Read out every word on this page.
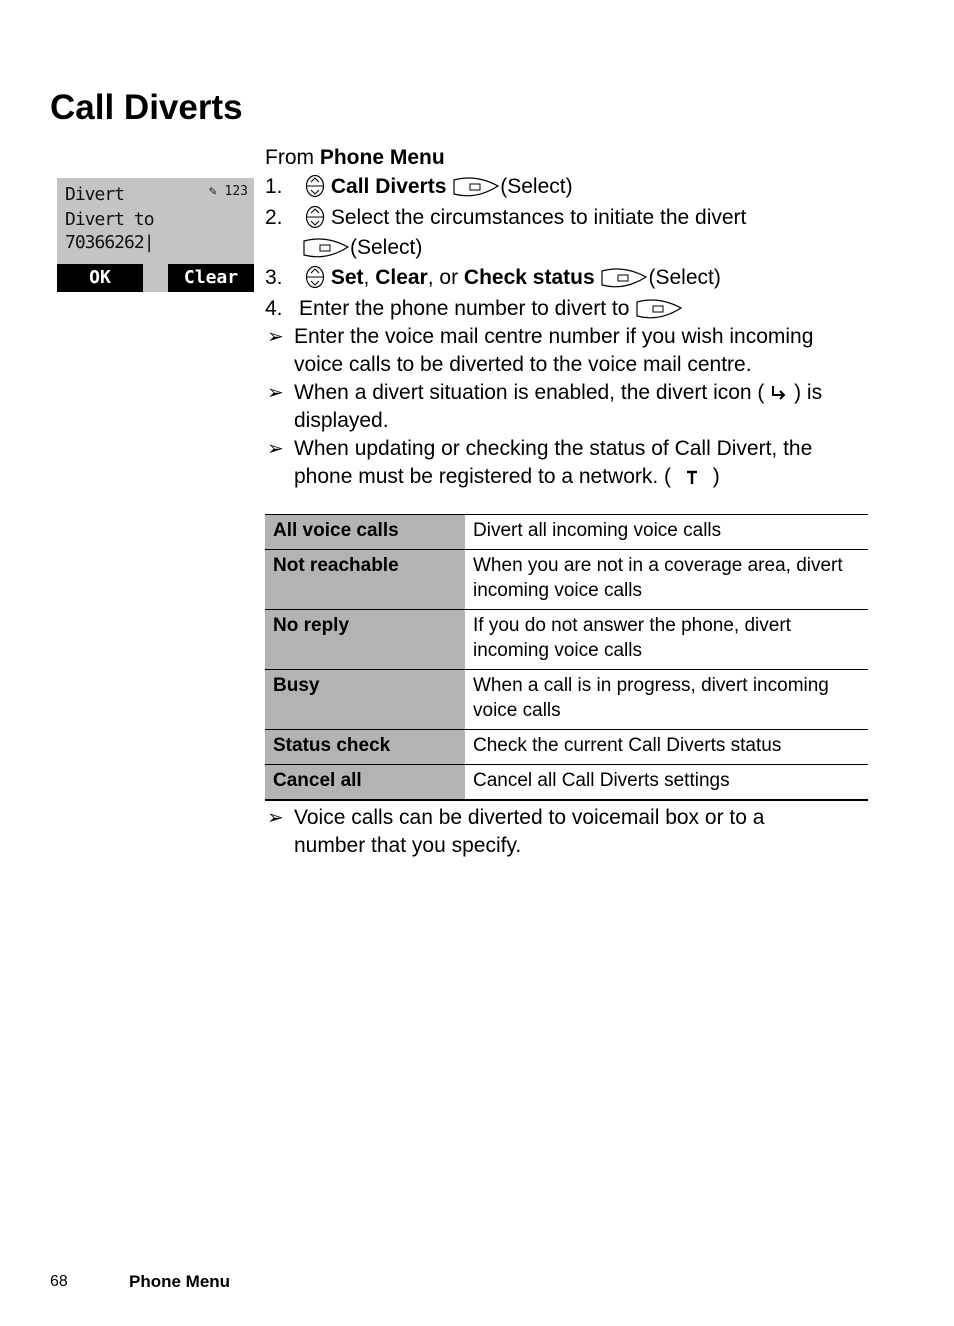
Call Diverts
Divert	✎ 123
Divert to
70366262|
OK	Clear
From Phone Menu
1. Call Diverts	(Select)
2. Select the circumstances to initiate the divert
(Select)
3. Set, Clear, or Check status	(Select)
4. Enter the phone number to divert to
➢ Enter the voice mail centre number if you wish incoming
voice calls to be diverted to the voice mail centre.
➢ When a divert situation is enabled, the divert icon ( ) is
displayed.
➢ When updating or checking the status of Call Divert, the
phone must be registered to a network. ( )
All voice calls	Divert all incoming voice calls
Not reachable	When you are not in a coverage area, divert incoming voice calls
No reply	If you do not answer the phone, divert incoming voice calls
Busy	When a call is in progress, divert incoming voice calls
Status check	Check the current Call Diverts status
Cancel all	Cancel all Call Diverts settings
➢ Voice calls can be diverted to voicemail box or to a
number that you specify.
68	Phone Menu
